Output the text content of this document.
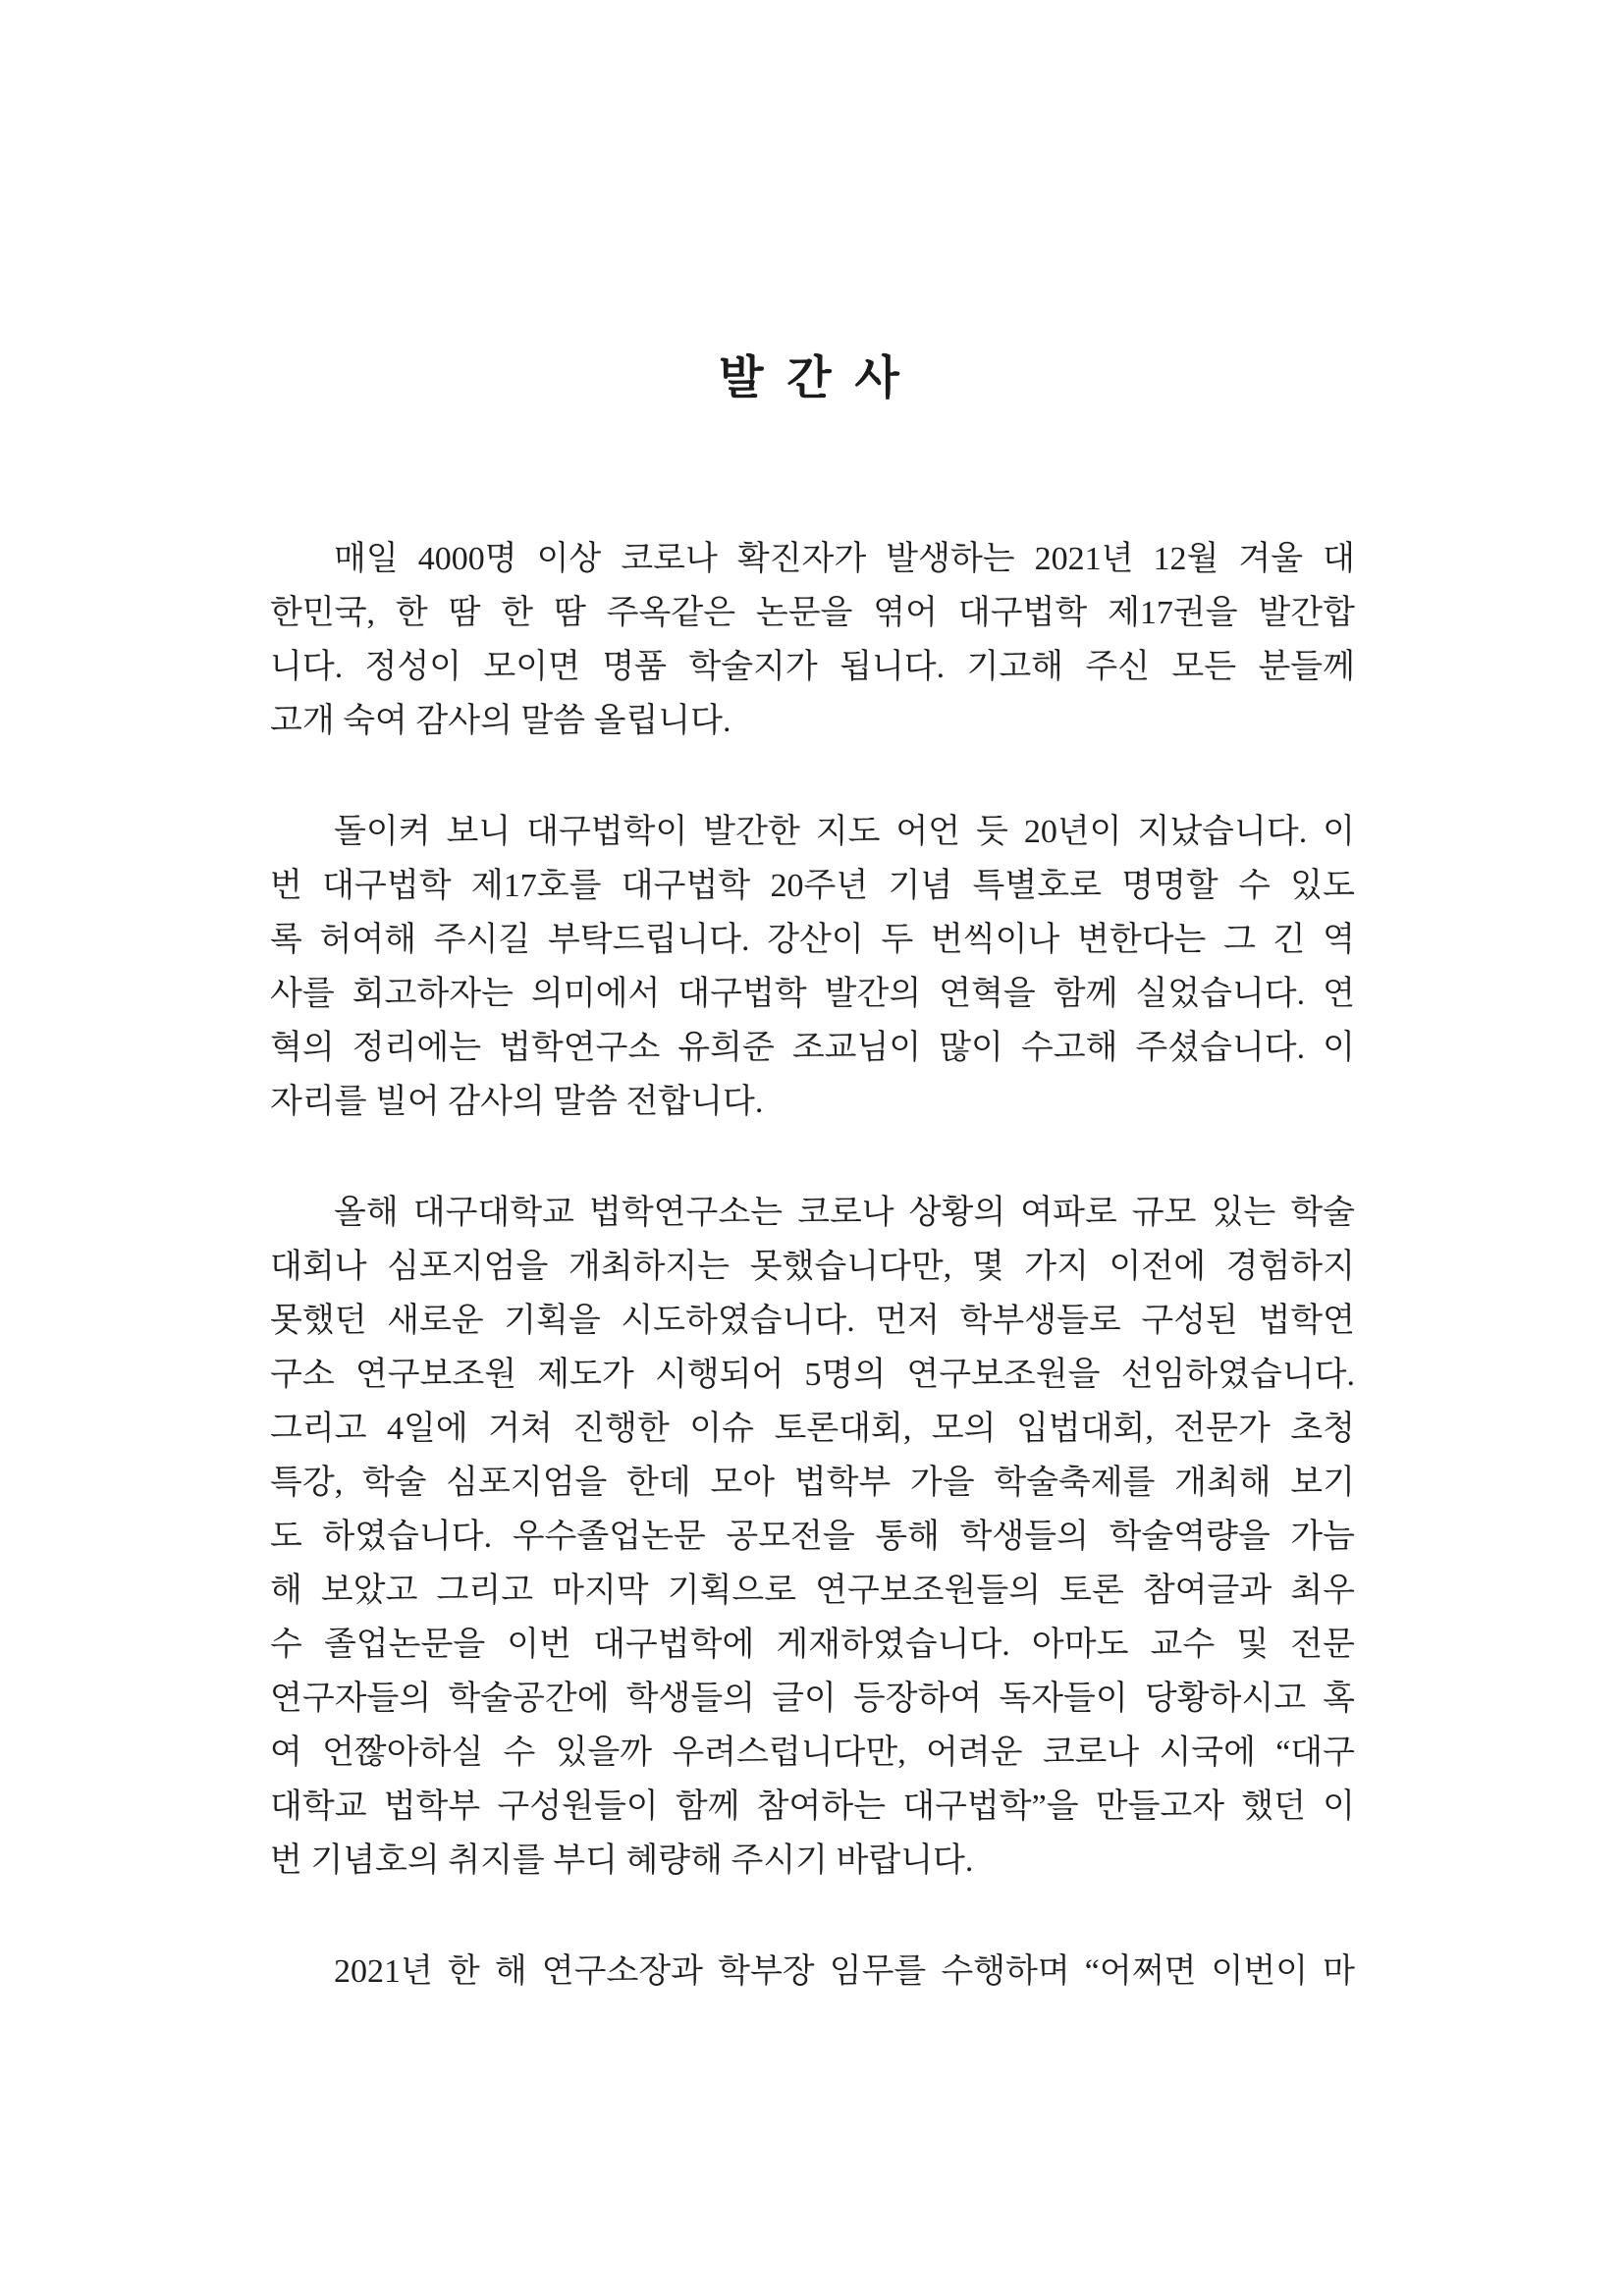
발 간 사
매일 4000명 이상 코로나 확진자가 발생하는 2021년 12월 겨울 대
한민국, 한 땀 한 땀 주옥같은 논문을 엮어 대구법학 제17권을 발간합
니다. 정성이 모이면 명품 학술지가 됩니다. 기고해 주신 모든 분들께
고개 숙여 감사의 말씀 올립니다.
돌이켜 보니 대구법학이 발간한 지도 어언 듯 20년이 지났습니다. 이
번 대구법학 제17호를 대구법학 20주년 기념 특별호로 명명할 수 있도
록 허여해 주시길 부탁드립니다. 강산이 두 번씩이나 변한다는 그 긴 역
사를 회고하자는 의미에서 대구법학 발간의 연혁을 함께 실었습니다. 연
혁의 정리에는 법학연구소 유희준 조교님이 많이 수고해 주셨습니다. 이
자리를 빌어 감사의 말씀 전합니다.
올해 대구대학교 법학연구소는 코로나 상황의 여파로 규모 있는 학술
대회나 심포지엄을 개최하지는 못했습니다만, 몇 가지 이전에 경험하지
못했던 새로운 기획을 시도하였습니다. 먼저 학부생들로 구성된 법학연
구소 연구보조원 제도가 시행되어 5명의 연구보조원을 선임하였습니다.
그리고 4일에 거쳐 진행한 이슈 토론대회, 모의 입법대회, 전문가 초청
특강, 학술 심포지엄을 한데 모아 법학부 가을 학술축제를 개최해 보기
도 하였습니다. 우수졸업논문 공모전을 통해 학생들의 학술역량을 가늠
해 보았고 그리고 마지막 기획으로 연구보조원들의 토론 참여글과 최우
수 졸업논문을 이번 대구법학에 게재하였습니다. 아마도 교수 및 전문
연구자들의 학술공간에 학생들의 글이 등장하여 독자들이 당황하시고 혹
여 언짢아하실 수 있을까 우려스럽니다만, 어려운 코로나 시국에 “대구
대학교 법학부 구성원들이 함께 참여하는 대구법학”을 만들고자 했던 이
번 기념호의 취지를 부디 혜량해 주시기 바랍니다.
2021년 한 해 연구소장과 학부장 임무를 수행하며 “어쩌면 이번이 마
